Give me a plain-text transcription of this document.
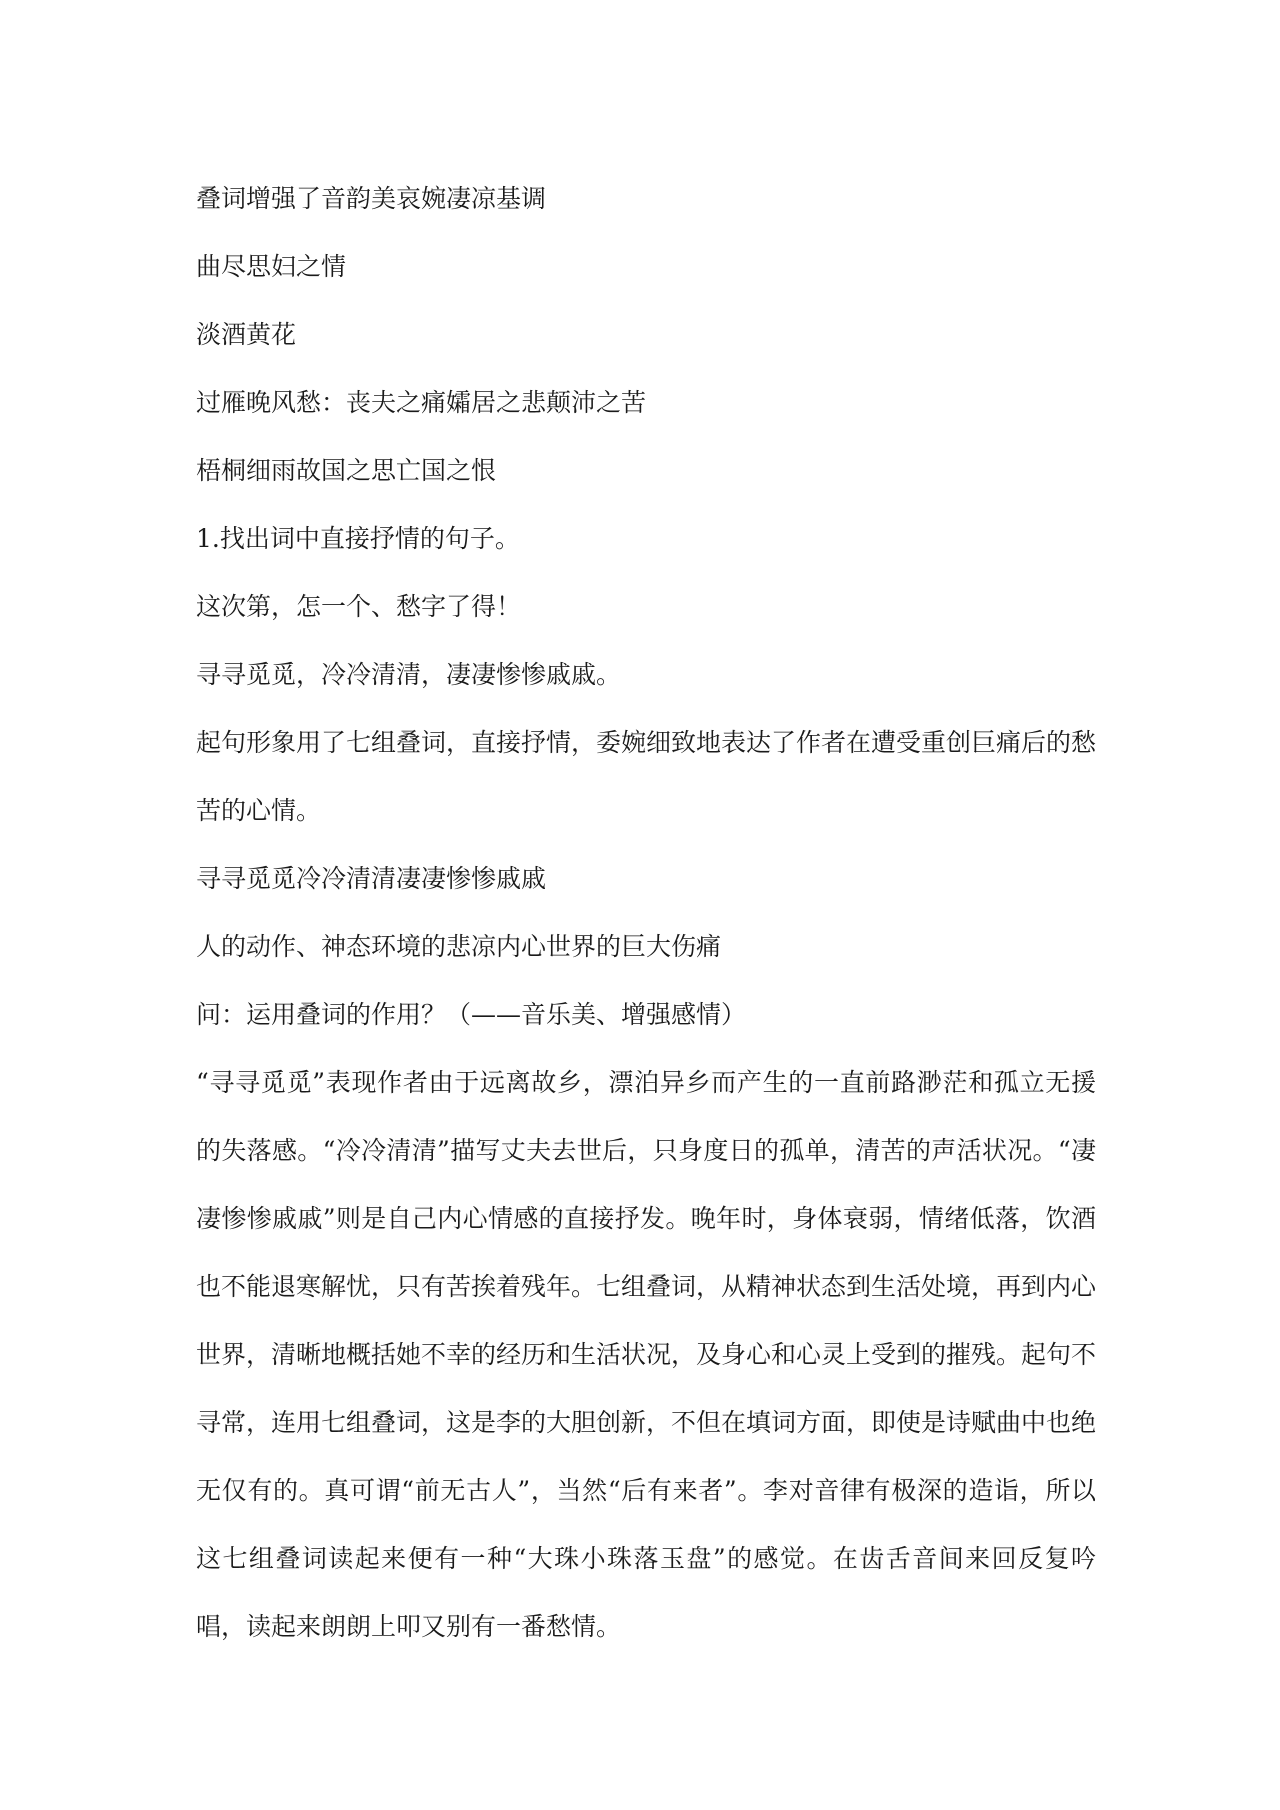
叠词增强了音韵美哀婉凄凉基调
曲尽思妇之情
淡酒黄花
过雁晚风愁：丧夫之痛孀居之悲颠沛之苦
梧桐细雨故国之思亡国之恨
1.找出词中直接抒情的句子。
这次第，怎一个、愁字了得！
寻寻觅觅，冷冷清清，凄凄惨惨戚戚。
起句形象用了七组叠词，直接抒情，委婉细致地表达了作者在遭受重创巨痛后的愁苦的心情。
寻寻觅觅冷冷清清凄凄惨惨戚戚
人的动作、神态环境的悲凉内心世界的巨大伤痛
问：运用叠词的作用？（——音乐美、增强感情）
“寻寻觅觅”表现作者由于远离故乡，漂泊异乡而产生的一直前路渺茫和孤立无援的失落感。“冷冷清清”描写丈夫去世后，只身度日的孤单，清苦的声活状况。“凄凄惨惨戚戚”则是自己内心情感的直接抒发。晚年时，身体衰弱，情绪低落，饮酒也不能退寒解忧，只有苦挨着残年。七组叠词，从精神状态到生活处境，再到内心世界，清晰地概括她不幸的经历和生活状况，及身心和心灵上受到的摧残。起句不寻常，连用七组叠词，这是李的大胆创新，不但在填词方面，即使是诗赋曲中也绝无仅有的。真可谓“前无古人”，当然“后有来者”。李对音律有极深的造诣，所以这七组叠词读起来便有一种“大珠小珠落玉盘”的感觉。在齿舌音间来回反复吟唱，读起来朗朗上叩又别有一番愁情。
